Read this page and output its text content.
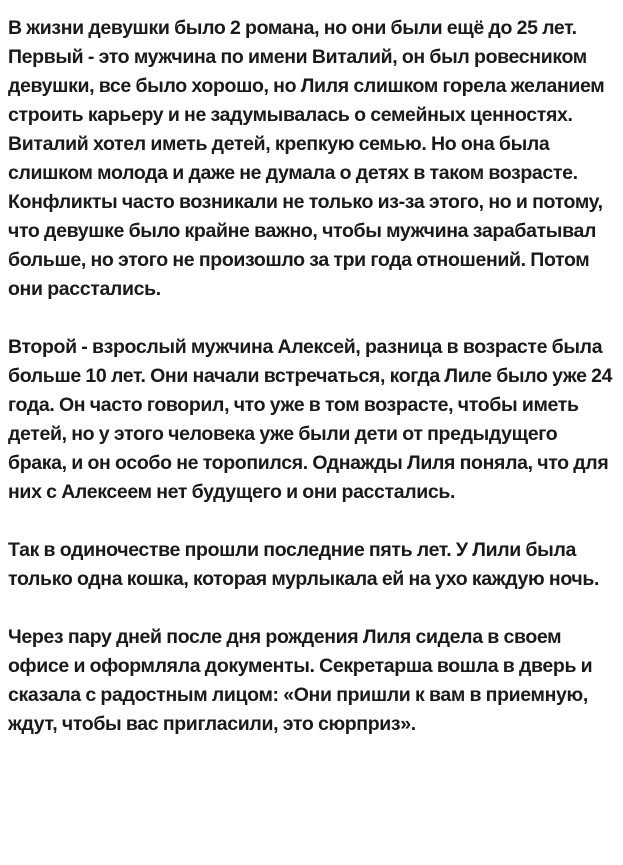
В жизни девушки было 2 романа, но они были ещё до 25 лет. Первый - это мужчина по имени Виталий, он был ровесником девушки, все было хорошо, но Лиля слишком горела желанием строить карьеру и не задумывалась о семейных ценностях. Виталий хотел иметь детей, крепкую семью. Но она была слишком молода и даже не думала о детях в таком возрасте. Конфликты часто возникали не только из-за этого, но и потому, что девушке было крайне важно, чтобы мужчина зарабатывал больше, но этого не произошло за три года отношений. Потом они расстались.

Второй - взрослый мужчина Алексей, разница в возрасте была больше 10 лет. Они начали встречаться, когда Лиле было уже 24 года. Он часто говорил, что уже в том возрасте, чтобы иметь детей, но у этого человека уже были дети от предыдущего брака, и он особо не торопился. Однажды Лиля поняла, что для них с Алексеем нет будущего и они расстались.

Так в одиночестве прошли последние пять лет. У Лили была только одна кошка, которая мурлыкала ей на ухо каждую ночь.

Через пару дней после дня рождения Лиля сидела в своем офисе и оформляла документы. Секретарша вошла в дверь и сказала с радостным лицом: «Они пришли к вам в приемную, ждут, чтобы вас пригласили, это сюрприз».
